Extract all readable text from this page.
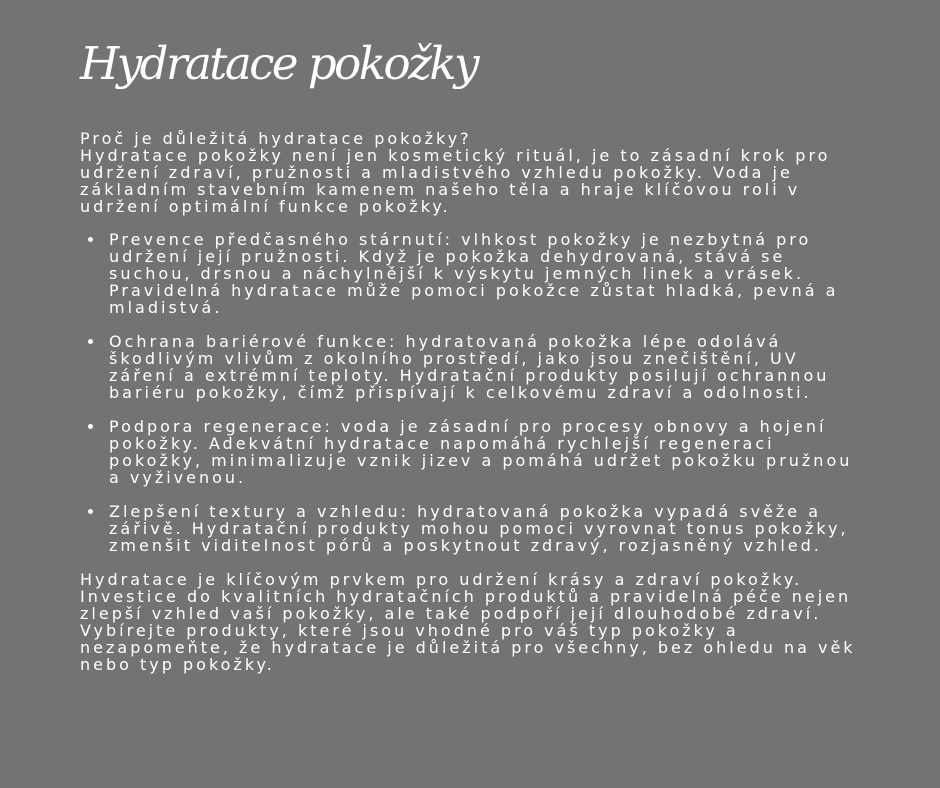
Hydratace pokožky

Proč je důležitá hydratace pokožky?

Hydratace pokožky není jen kosmetický rituál, je to zásadní krok pro udržení zdraví, pružnosti a mladistvého vzhledu pokožky. Voda je základním stavebním kamenem našeho těla a hraje klíčovou roli v udržení optimální funkce pokožky.

Prevence předčasného stárnutí: vlhkost pokožky je nezbytná pro udržení její pružnosti. Když je pokožka dehydrovaná, stává se suchou, drsnou a náchylnější k výskytu jemných linek a vrásek. Pravidelná hydratace může pomoci pokožce zůstat hladká, pevná a mladistvá.
Ochrana bariérové funkce: hydratovaná pokožka lépe odolává škodlivým vlivům z okolního prostředí, jako jsou znečištění, UV záření a extrémní teploty. Hydratační produkty posilují ochrannou bariéru pokožky, čímž přispívají k celkovému zdraví a odolnosti.
Podpora regenerace: voda je zásadní pro procesy obnovy a hojení pokožky. Adekvátní hydratace napomáhá rychlejší regeneraci pokožky, minimalizuje vznik jizev a pomáhá udržet pokožku pružnou a vyživenou.
Zlepšení textury a vzhledu: hydratovaná pokožka vypadá svěže a zářivě. Hydratační produkty mohou pomoci vyrovnat tonus pokožky, zmenšit viditelnost pórů a poskytnout zdravý, rozjasněný vzhled.

Hydratace je klíčovým prvkem pro udržení krásy a zdraví pokožky. Investice do kvalitních hydratačních produktů a pravidelná péče nejen zlepší vzhled vaší pokožky, ale také podpoří její dlouhodobé zdraví. Vybírejte produkty, které jsou vhodné pro váš typ pokožky a nezapomeňte, že hydratace je důležitá pro všechny, bez ohledu na věk nebo typ pokožky.
